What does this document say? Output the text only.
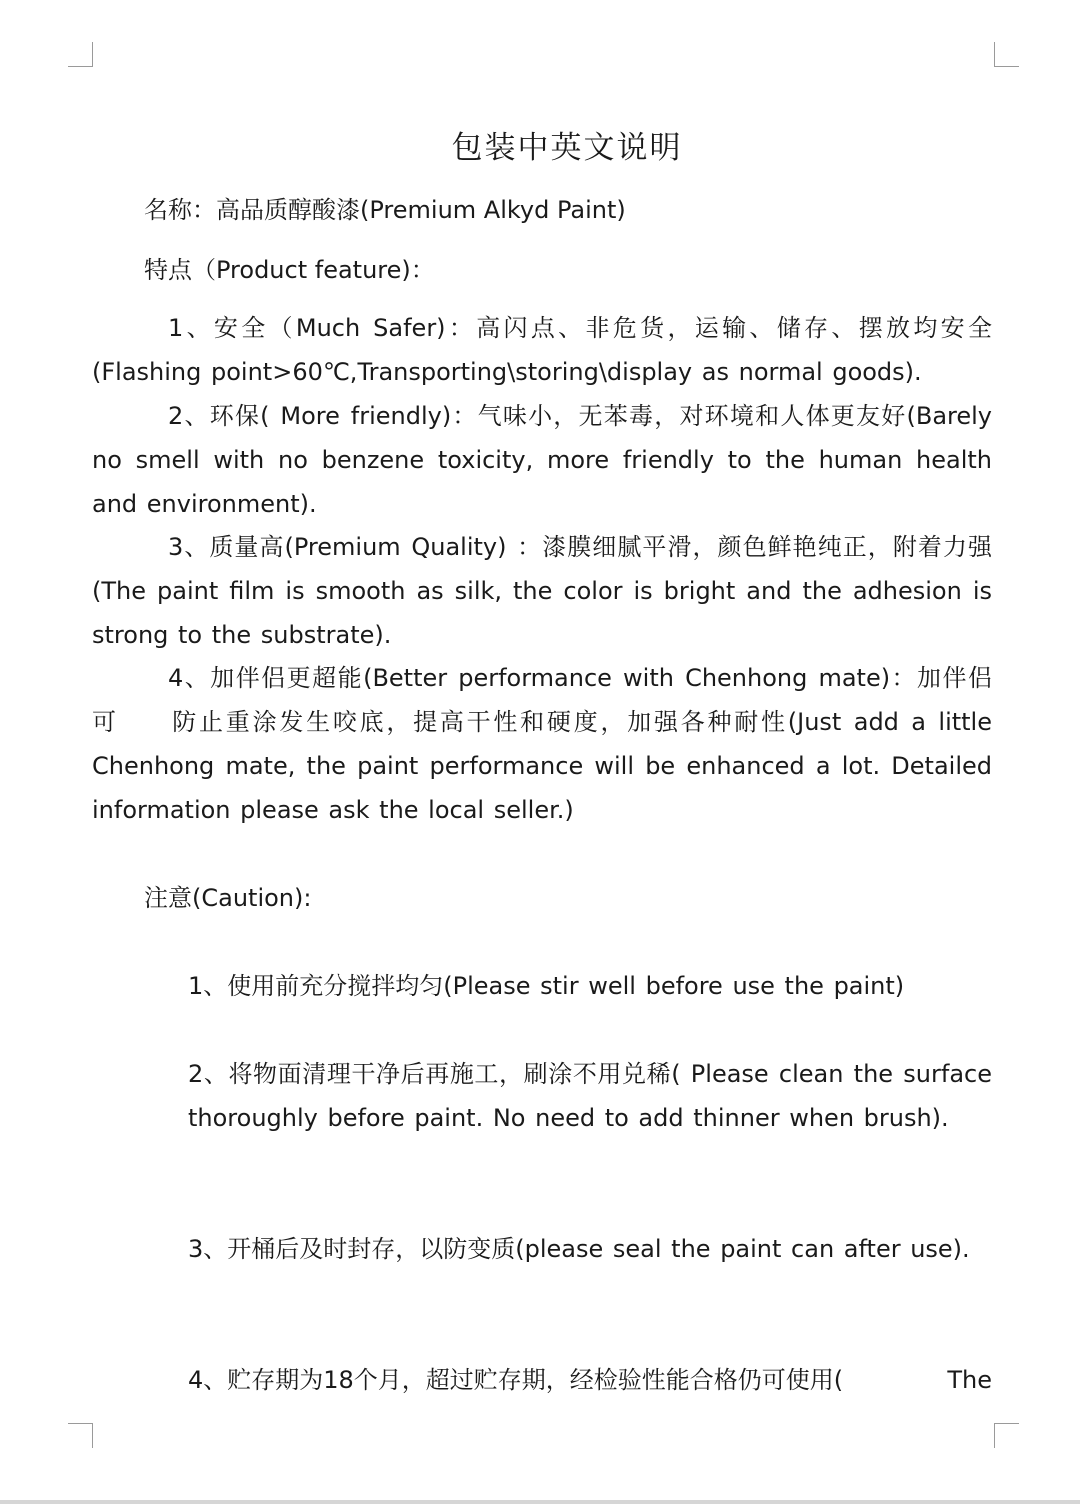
包装中英文说明
名称：高品质醇酸漆(Premium Alkyd Paint)
特点（Product feature)：

1、安全（Much Safer)：高闪点、非危货，运输、储存、摆放均安全(Flashing point>60℃,Transporting\storing\display as normal goods).

2、环保( More friendly)：气味小，无苯毒，对环境和人体更友好(Barely no smell with no benzene toxicity, more friendly to the human health and environment).

3、质量高(Premium Quality) ：漆膜细腻平滑，颜色鲜艳纯正，附着力强(The paint film is smooth as silk, the color is bright and the adhesion is strong to the substrate).

4、加伴侣更超能(Better performance with Chenhong mate)：加伴侣可　　防止重涂发生咬底，提高干性和硬度，加强各种耐性(Just add a little Chenhong mate, the paint performance will be enhanced a lot. Detailed information please ask the local seller.)

注意(Caution):

1、使用前充分搅拌均匀(Please stir well before use the paint)

2、将物面清理干净后再施工，刷涂不用兑稀( Please clean the surface thoroughly before paint. No need to add thinner when brush).

3、开桶后及时封存，以防变质(please seal the paint can after use).

4、贮存期为18个月，超过贮存期，经检验性能合格仍可使用(	The
